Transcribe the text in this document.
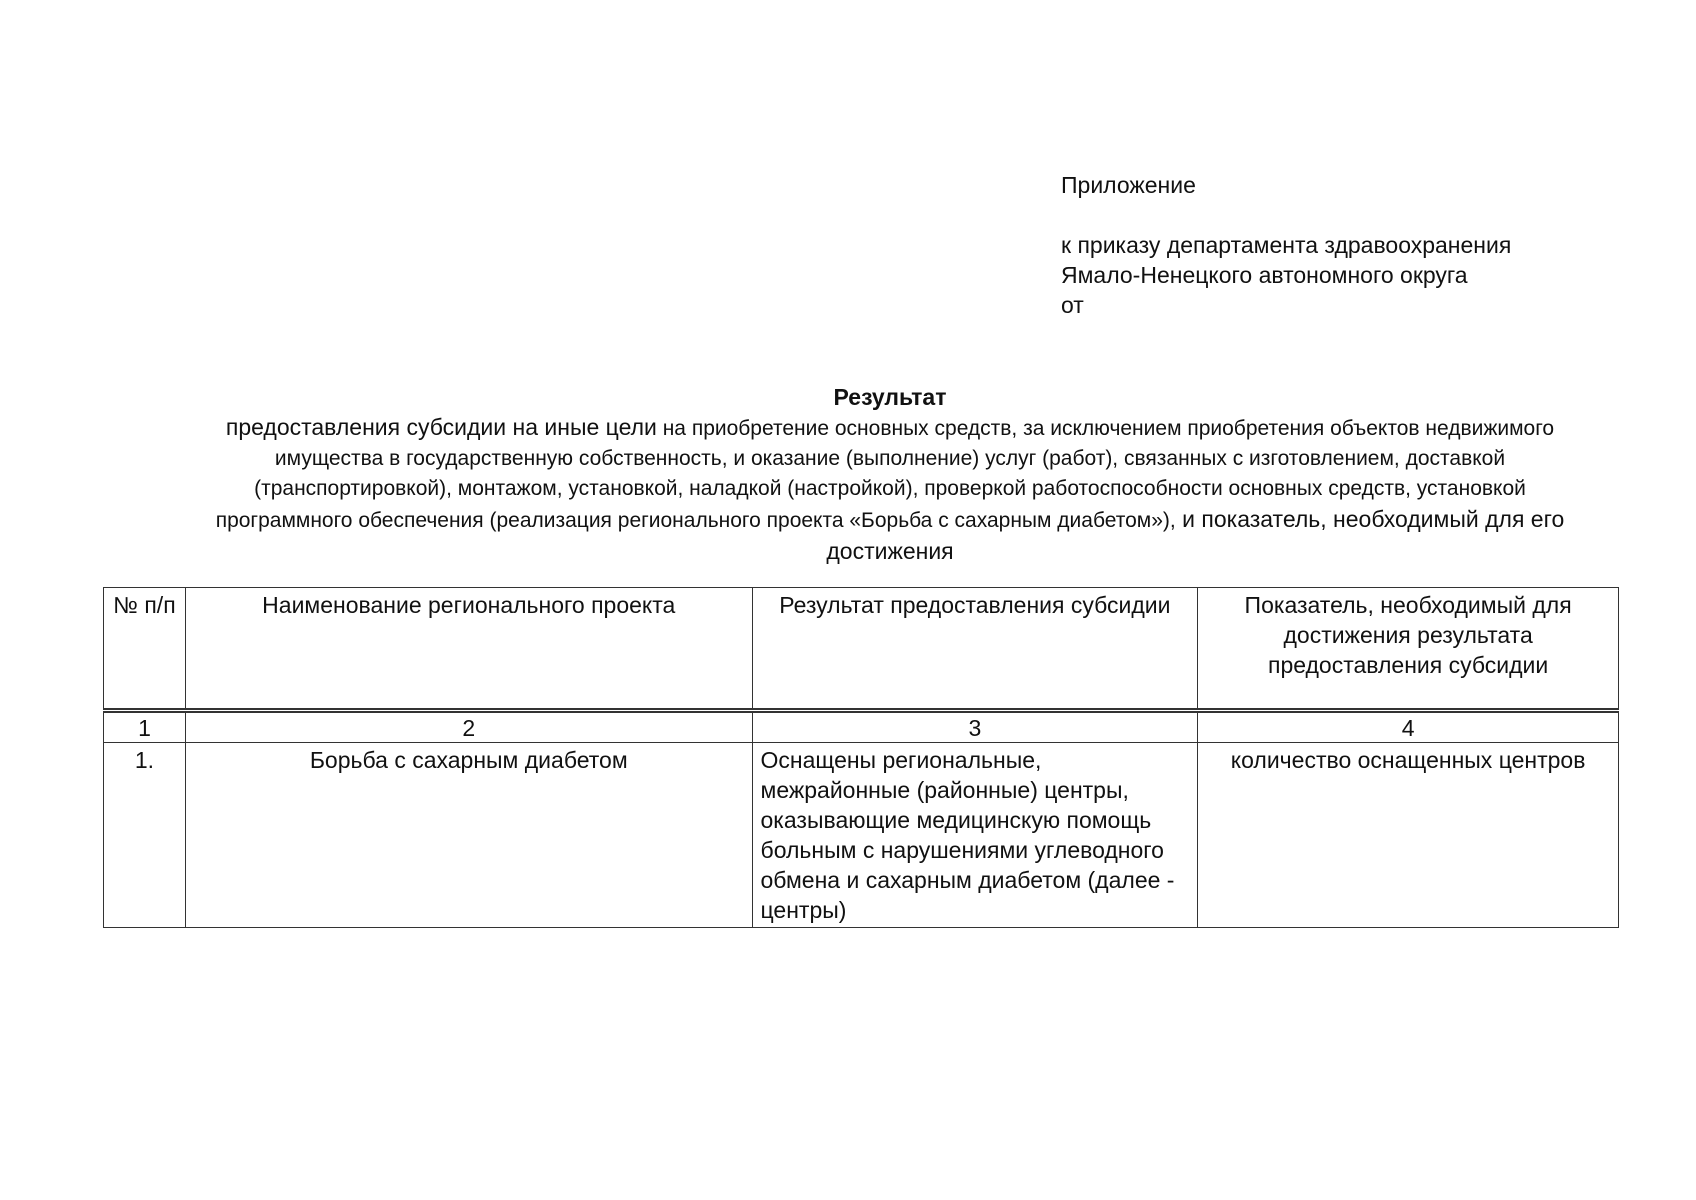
Приложение
к приказу департамента здравоохранения
Ямало-Ненецкого автономного округа
от
Результат
предоставления субсидии на иные цели на приобретение основных средств, за исключением приобретения объектов недвижимого имущества в государственную собственность, и оказание (выполнение) услуг (работ), связанных с изготовлением, доставкой (транспортировкой), монтажом, установкой, наладкой (настройкой), проверкой работоспособности основных средств, установкой программного обеспечения (реализация регионального проекта «Борьба с сахарным диабетом»), и показатель, необходимый для его достижения
№ п/п	Наименование регионального проекта	Результат предоставления субсидии	Показатель, необходимый для достижения результата предоставления субсидии
1	2	3	4
1.	Борьба с сахарным диабетом	Оснащены региональные, межрайонные (районные) центры, оказывающие медицинскую помощь больным с нарушениями углеводного обмена и сахарным диабетом (далее - центры)	количество оснащенных центров
